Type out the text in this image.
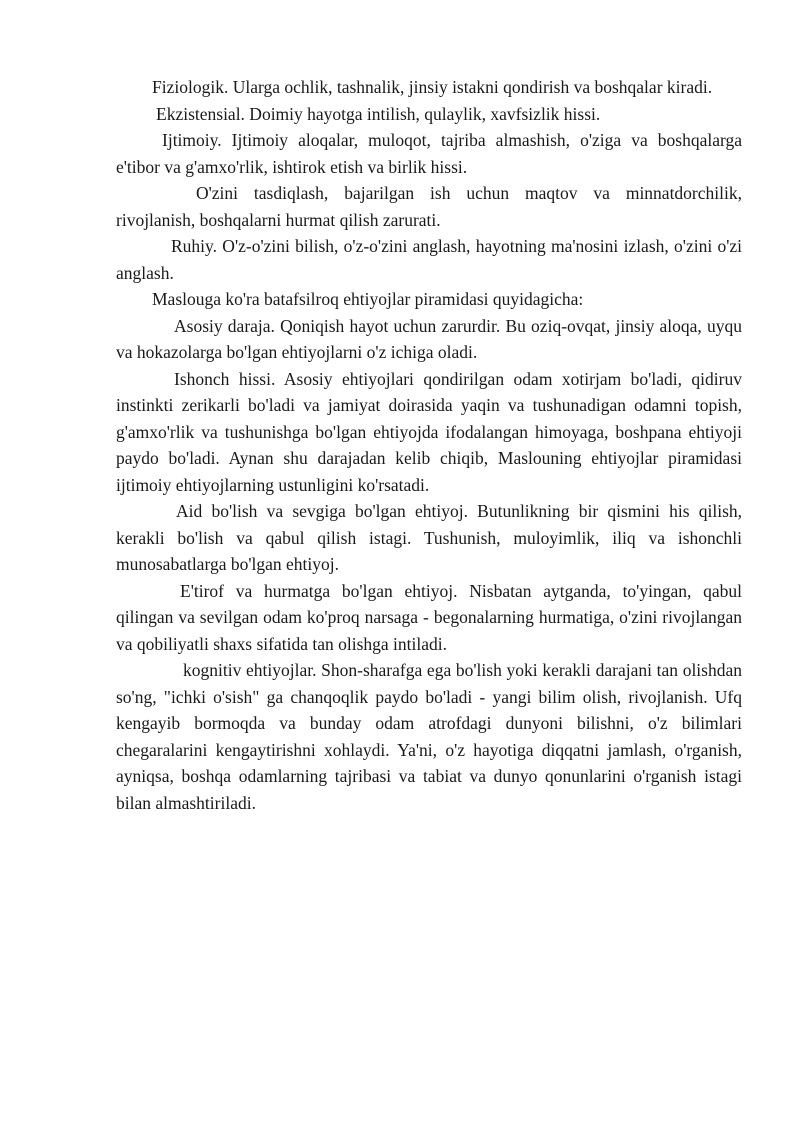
Fiziologik. Ularga ochlik, tashnalik, jinsiy istakni qondirish va boshqalar kiradi.

Ekzistensial. Doimiy hayotga intilish, qulaylik, xavfsizlik hissi.

Ijtimoiy. Ijtimoiy aloqalar, muloqot, tajriba almashish, o'ziga va boshqalarga e'tibor va g'amxo'rlik, ishtirok etish va birlik hissi.

O'zini tasdiqlash, bajarilgan ish uchun maqtov va minnatdorchilik, rivojlanish, boshqalarni hurmat qilish zarurati.

Ruhiy. O'z-o'zini bilish, o'z-o'zini anglash, hayotning ma'nosini izlash, o'zini o'zi anglash.

Maslouga ko'ra batafsilroq ehtiyojlar piramidasi quyidagicha:

Asosiy daraja. Qoniqish hayot uchun zarurdir. Bu oziq-ovqat, jinsiy aloqa, uyqu va hokazolarga bo'lgan ehtiyojlarni o'z ichiga oladi.

Ishonch hissi. Asosiy ehtiyojlari qondirilgan odam xotirjam bo'ladi, qidiruv instinkti zerikarli bo'ladi va jamiyat doirasida yaqin va tushunadigan odamni topish, g'amxo'rlik va tushunishga bo'lgan ehtiyojda ifodalangan himoyaga, boshpana ehtiyoji paydo bo'ladi. Aynan shu darajadan kelib chiqib, Maslouning ehtiyojlar piramidasi ijtimoiy ehtiyojlarning ustunligini ko'rsatadi.

Aid bo'lish va sevgiga bo'lgan ehtiyoj. Butunlikning bir qismini his qilish, kerakli bo'lish va qabul qilish istagi. Tushunish, muloyimlik, iliq va ishonchli munosabatlarga bo'lgan ehtiyoj.

E'tirof va hurmatga bo'lgan ehtiyoj. Nisbatan aytganda, to'yingan, qabul qilingan va sevilgan odam ko'proq narsaga - begonalarning hurmatiga, o'zini rivojlangan va qobiliyatli shaxs sifatida tan olishga intiladi.

kognitiv ehtiyojlar. Shon-sharafga ega bo'lish yoki kerakli darajani tan olishdan so'ng, "ichki o'sish" ga chanqoqlik paydo bo'ladi - yangi bilim olish, rivojlanish. Ufq kengayib bormoqda va bunday odam atrofdagi dunyoni bilishni, o'z bilimlari chegaralarini kengaytirishni xohlaydi. Ya'ni, o'z hayotiga diqqatni jamlash, o'rganish, ayniqsa, boshqa odamlarning tajribasi va tabiat va dunyo qonunlarini o'rganish istagi bilan almashtiriladi.
